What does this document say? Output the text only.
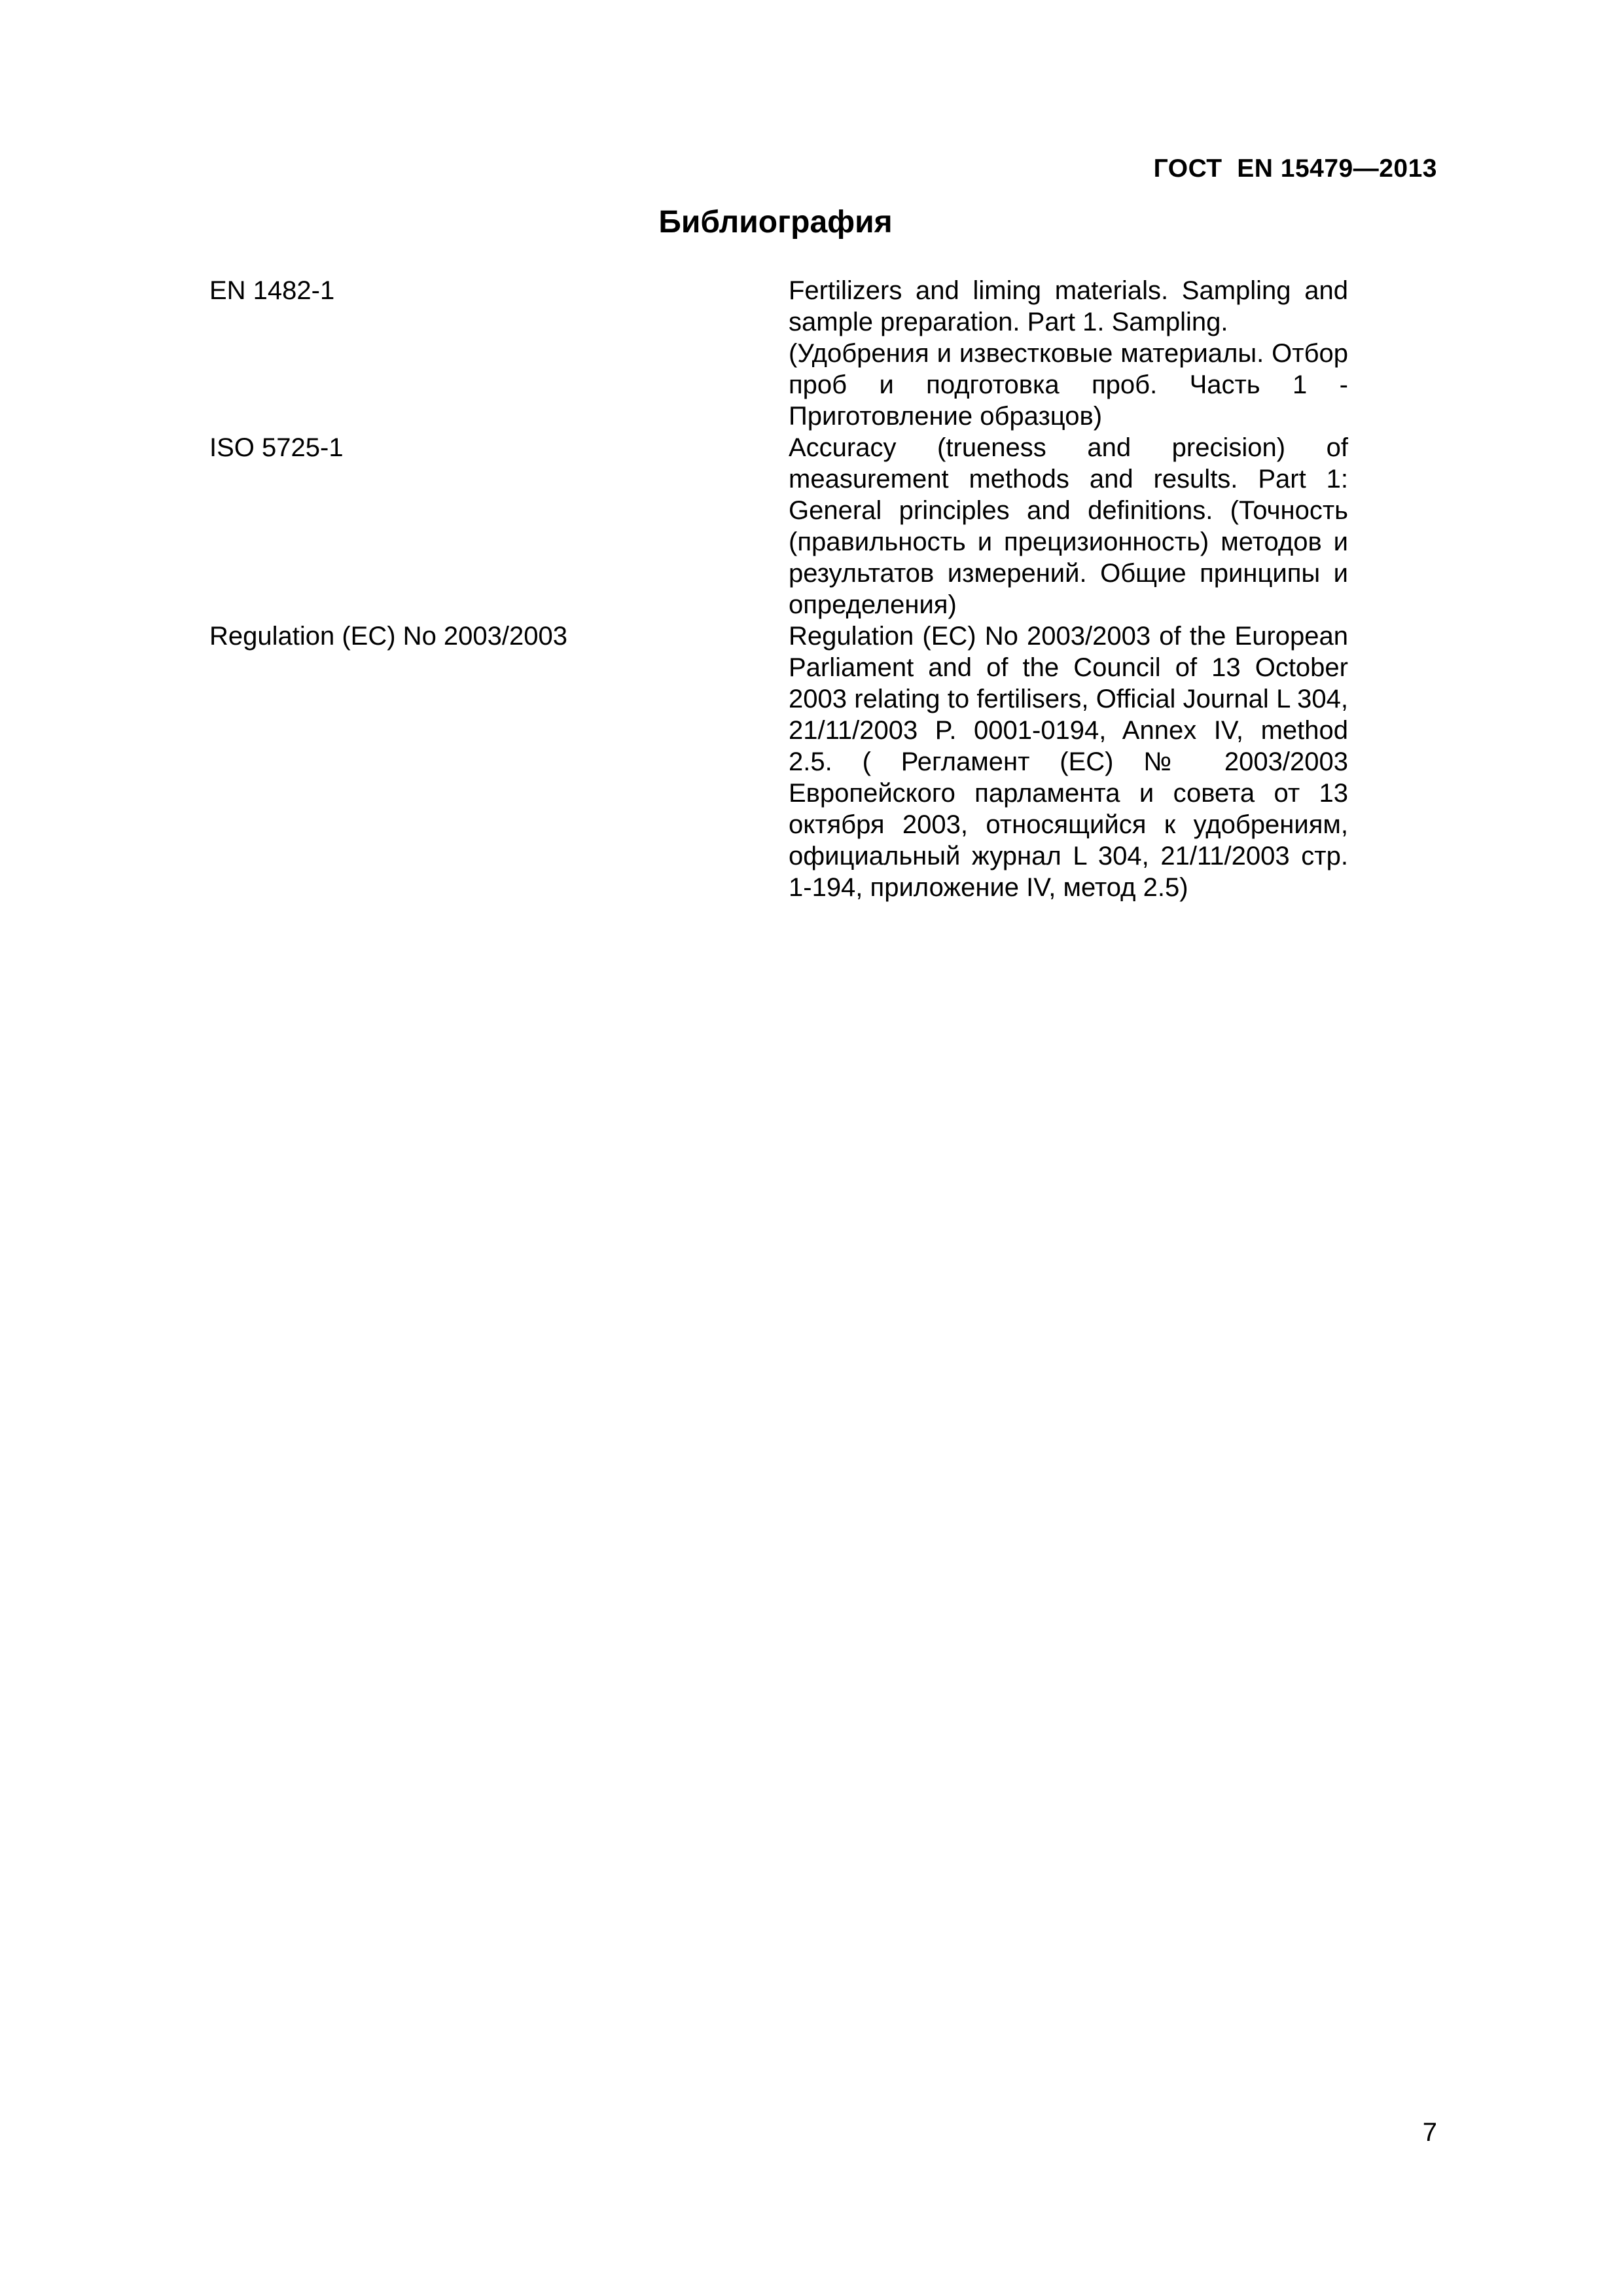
ГОСТ  EN 15479—2013
Библиография
EN 1482-1	Fertilizers and liming materials. Sampling and sample preparation. Part 1. Sampling.
(Удобрения и известковые материалы. Отбор проб и подготовка проб. Часть 1 - Приготовление образцов)
ISO 5725-1	Accuracy (trueness and precision) of measurement methods and results. Part 1: General principles and definitions. (Точность (правильность и прецизионность) методов и результатов измерений. Общие принципы и определения)
Regulation (EC) No 2003/2003	Regulation (EC) No 2003/2003 of the European Parliament and of the Council of 13 October 2003 relating to fertilisers, Official Journal L 304, 21/11/2003 P. 0001-0194, Annex IV, method 2.5. ( Регламент (ЕС) № 2003/2003 Европейского парламента и совета от 13 октября 2003, относящийся к удобрениям, официальный журнал L 304, 21/11/2003 стр. 1-194, приложение IV, метод 2.5)
7
